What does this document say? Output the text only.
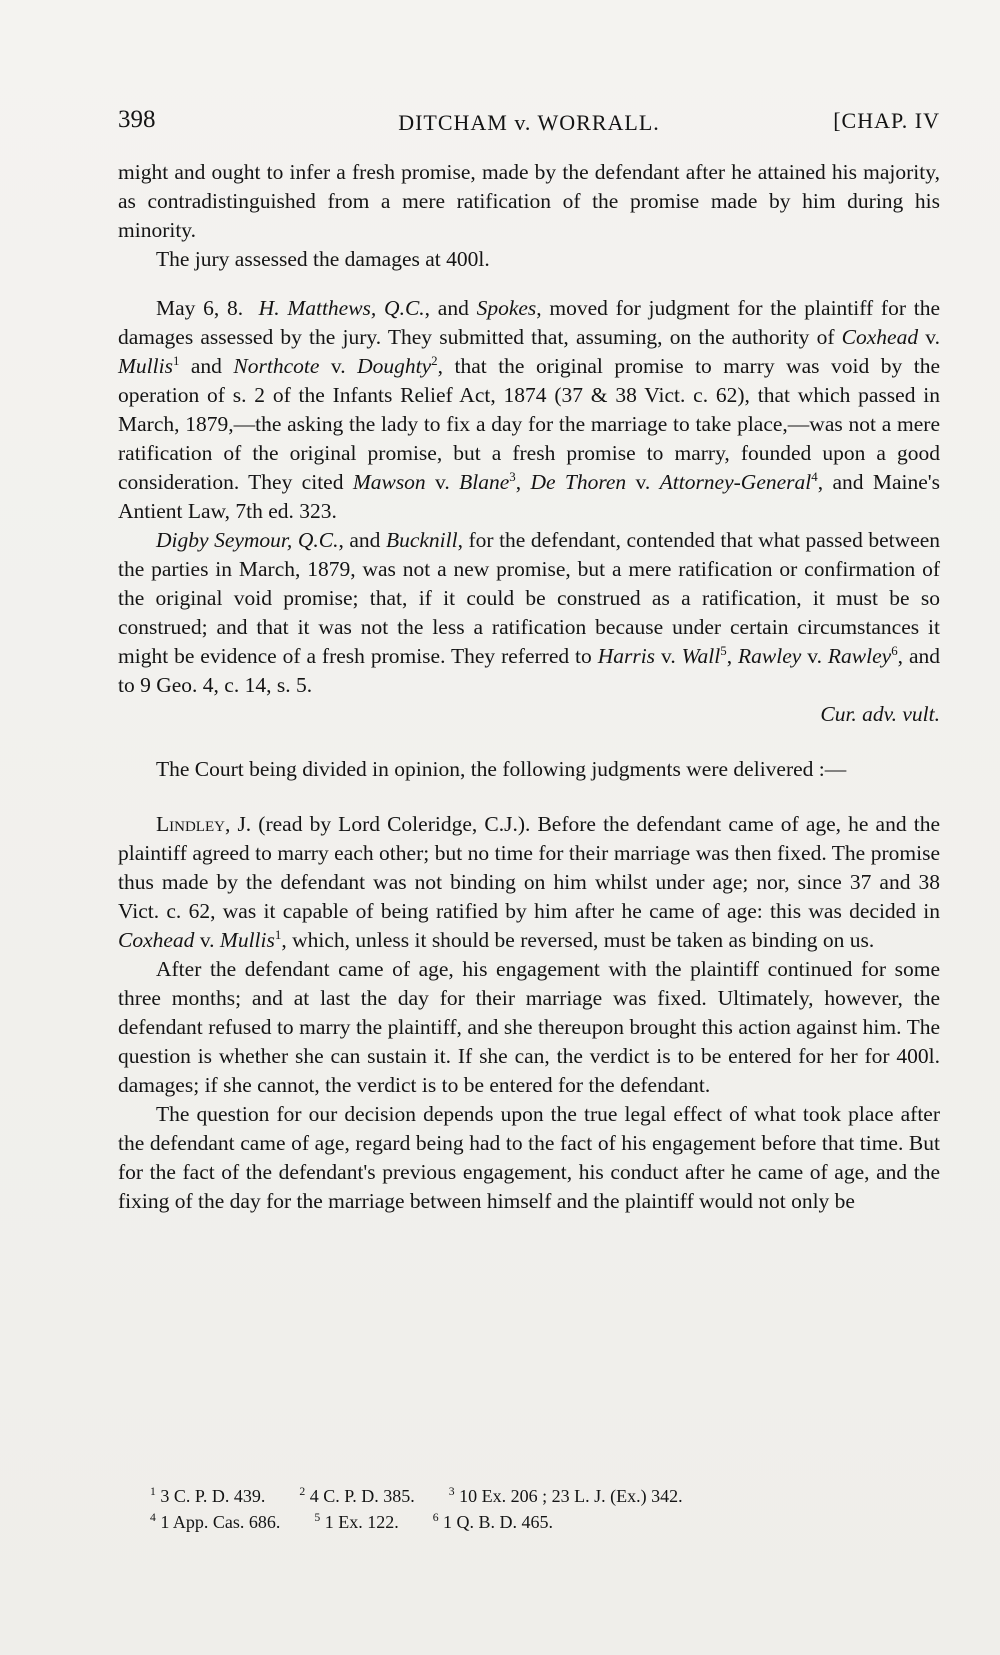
398	DITCHAM v. WORRALL.	[CHAP. IV

might and ought to infer a fresh promise, made by the defendant after he attained his majority, as contradistinguished from a mere ratification of the promise made by him during his minority.

The jury assessed the damages at 400l.

May 6, 8. H. Matthews, Q.C., and Spokes, moved for judgment for the plaintiff for the damages assessed by the jury. They submitted that, assuming, on the authority of Coxhead v. Mullis$^1$ and Northcote v. Doughty$^2$, that the original promise to marry was void by the operation of s. 2 of the Infants Relief Act, 1874 (37 & 38 Vict. c. 62), that which passed in March, 1879,—the asking the lady to fix a day for the marriage to take place,—was not a mere ratification of the original promise, but a fresh promise to marry, founded upon a good consideration. They cited Mawson v. Blane$^3$, De Thoren v. Attorney-General$^4$, and Maine's Antient Law, 7th ed. 323.

Digby Seymour, Q.C., and Bucknill, for the defendant, contended that what passed between the parties in March, 1879, was not a new promise, but a mere ratification or confirmation of the original void promise; that, if it could be construed as a ratification, it must be so construed; and that it was not the less a ratification because under certain circumstances it might be evidence of a fresh promise. They referred to Harris v. Wall$^5$, Rawley v. Rawley$^6$, and to 9 Geo. 4, c. 14, s. 5.

Cur. adv. vult.

The Court being divided in opinion, the following judgments were delivered :—

Lindley, J. (read by Lord Coleridge, C.J.). Before the defendant came of age, he and the plaintiff agreed to marry each other; but no time for their marriage was then fixed. The promise thus made by the defendant was not binding on him whilst under age; nor, since 37 and 38 Vict. c. 62, was it capable of being ratified by him after he came of age: this was decided in Coxhead v. Mullis$^1$, which, unless it should be reversed, must be taken as binding on us.

After the defendant came of age, his engagement with the plaintiff continued for some three months; and at last the day for their marriage was fixed. Ultimately, however, the defendant refused to marry the plaintiff, and she thereupon brought this action against him. The question is whether she can sustain it. If she can, the verdict is to be entered for her for 400l. damages; if she cannot, the verdict is to be entered for the defendant.

The question for our decision depends upon the true legal effect of what took place after the defendant came of age, regard being had to the fact of his engagement before that time. But for the fact of the defendant's previous engagement, his conduct after he came of age, and the fixing of the day for the marriage between himself and the plaintiff would not only be

$^1$ 3 C. P. D. 439.	$^2$ 4 C. P. D. 385.	$^3$ 10 Ex. 206 ; 23 L. J. (Ex.) 342.
$^4$ 1 App. Cas. 686.	$^5$ 1 Ex. 122.	$^6$ 1 Q. B. D. 465.
